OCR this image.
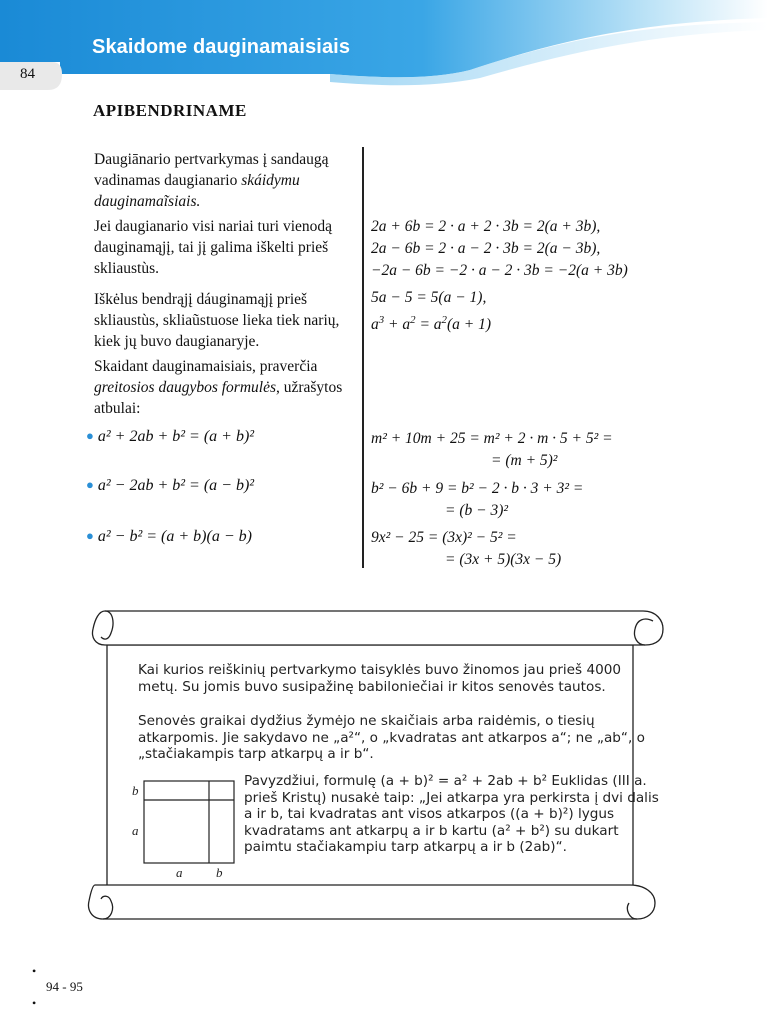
Skaidome dauginamaisiais
84
APIBENDRINAME

Daugiānario pertvarkymas į sandaugą vadinamas daugianario skáidymu dauginamaĩsiais.

Jei daugianario visi nariai turi vienodą dauginamąjį, tai jį galima iškelti prieš skliaustùs.

2a + 6b = 2 · a + 2 · 3b = 2(a + 3b),
2a − 6b = 2 · a − 2 · 3b = 2(a − 3b),
−2a − 6b = −2 · a − 2 · 3b = −2(a + 3b)

Iškėlus bendrąjį dáuginamąjį prieš skliaustùs, skliaũstuose lieka tiek narių, kiek jų buvo daugianaryje.

5a − 5 = 5(a − 1),
$a^3 + a^2 = a^2(a + 1)$

Skaidant dauginamaisiais, praverčia greitosios daugybos formulės, užrašytos atbulai:

● a² + 2ab + b² = (a + b)²	m² + 10m + 25 = m² + 2 · m · 5 + 5² =
= (m + 5)²
● a² − 2ab + b² = (a − b)²	b² − 6b + 9 = b² − 2 · b · 3 + 3² =
= (b − 3)²
● a² − b² = (a + b)(a − b)	9x² − 25 = (3x)² − 5² =
= (3x + 5)(3x − 5)
Kai kurios reiškinių pertvarkymo taisyklės buvo žinomos jau prieš 4000 metų. Su jomis buvo susipažinę babiloniečiai ir kitos senovės tautos.
Senovės graikai dydžius žymėjo ne skaičiais arba raidėmis, o tiesių atkarpomis. Jie sakydavo ne „a²“, o „kvadratas ant atkarpos a“; ne „ab“, o „stačiakampis tarp atkarpų a ir b“.
Pavyzdžiui, formulę (a + b)² = a² + 2ab + b² Euklidas (III a. prieš Kristų) nusakė taip: „Jei atkarpa yra perkirsta į dvi dalis a ir b, tai kvadratas ant visos atkarpos ((a + b)²) lygus kvadratams ant atkarpų a ir b kartu (a² + b²) su dukart paimtu stačiakampiu tarp atkarpų a ir b (2ab)“.
b
a
a	b
•
94 - 95
•
